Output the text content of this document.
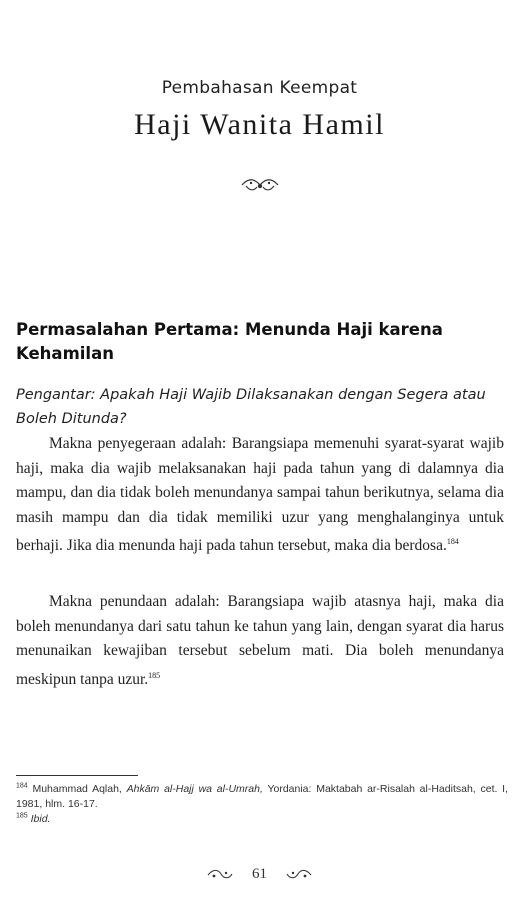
Pembahasan Keempat
Haji Wanita Hamil
Permasalahan Pertama: Menunda Haji karena Kehamilan
Pengantar: Apakah Haji Wajib Dilaksanakan dengan Segera atau Boleh Ditunda?
Makna penyegeraan adalah: Barangsiapa memenuhi syarat-syarat wajib haji, maka dia wajib melaksanakan haji pada tahun yang di dalamnya dia mampu, dan dia tidak boleh menundanya sampai tahun berikutnya, selama dia masih mampu dan dia tidak memiliki uzur yang menghalanginya untuk berhaji. Jika dia menunda haji pada tahun tersebut, maka dia berdosa.$^{184}$
Makna penundaan adalah: Barangsiapa wajib atasnya haji, maka dia boleh menundanya dari satu tahun ke tahun yang lain, dengan syarat dia harus menunaikan kewajiban tersebut sebelum mati. Dia boleh menundanya meskipun tanpa uzur.$^{185}$
$^{184}$ Muhammad Aqlah, Ahkām al-Hajj wa al-Umrah, Yordania: Maktabah ar-Risalah al-Haditsah, cet. I, 1981, hlm. 16-17.
$^{185}$ Ibid.
61
